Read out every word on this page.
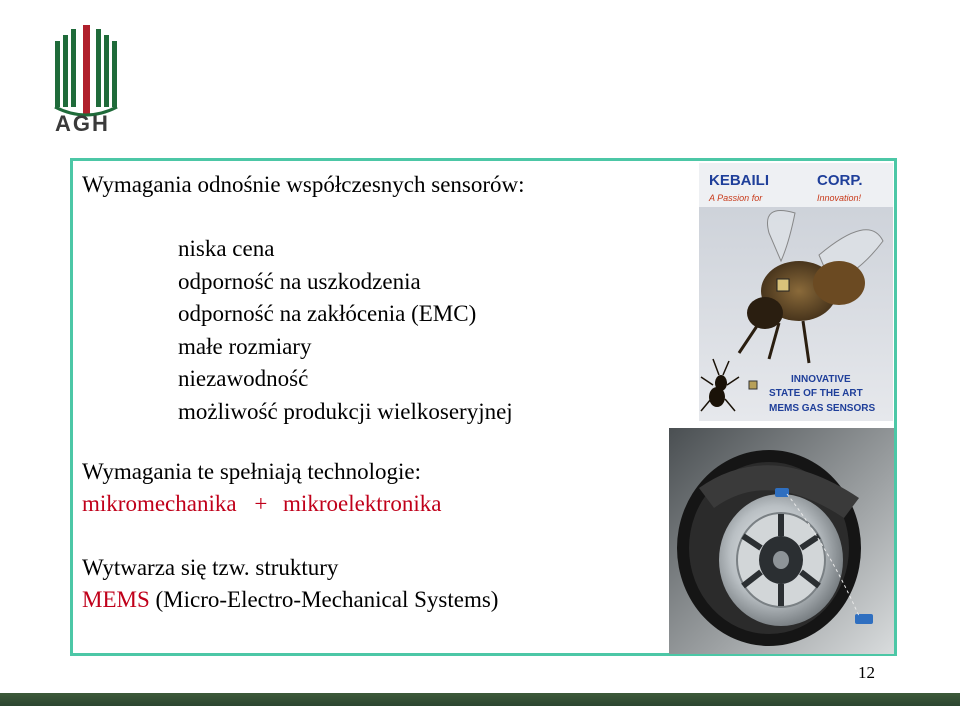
AGH
Wymagania odnośnie współczesnych sensorów:
niska cena
odporność na uszkodzenia
odporność na zakłócenia (EMC)
małe rozmiary
niezawodność
możliwość produkcji wielkoseryjnej
Wymagania te spełniają technologie:
mikromechanika + mikroelektronika
Wytwarza się tzw. struktury
MEMS (Micro-Electro-Mechanical Systems)
KEBAILI	CORP.
A Passion for	Innovation!
INNOVATIVE
STATE OF THE ART
MEMS GAS SENSORS
12
